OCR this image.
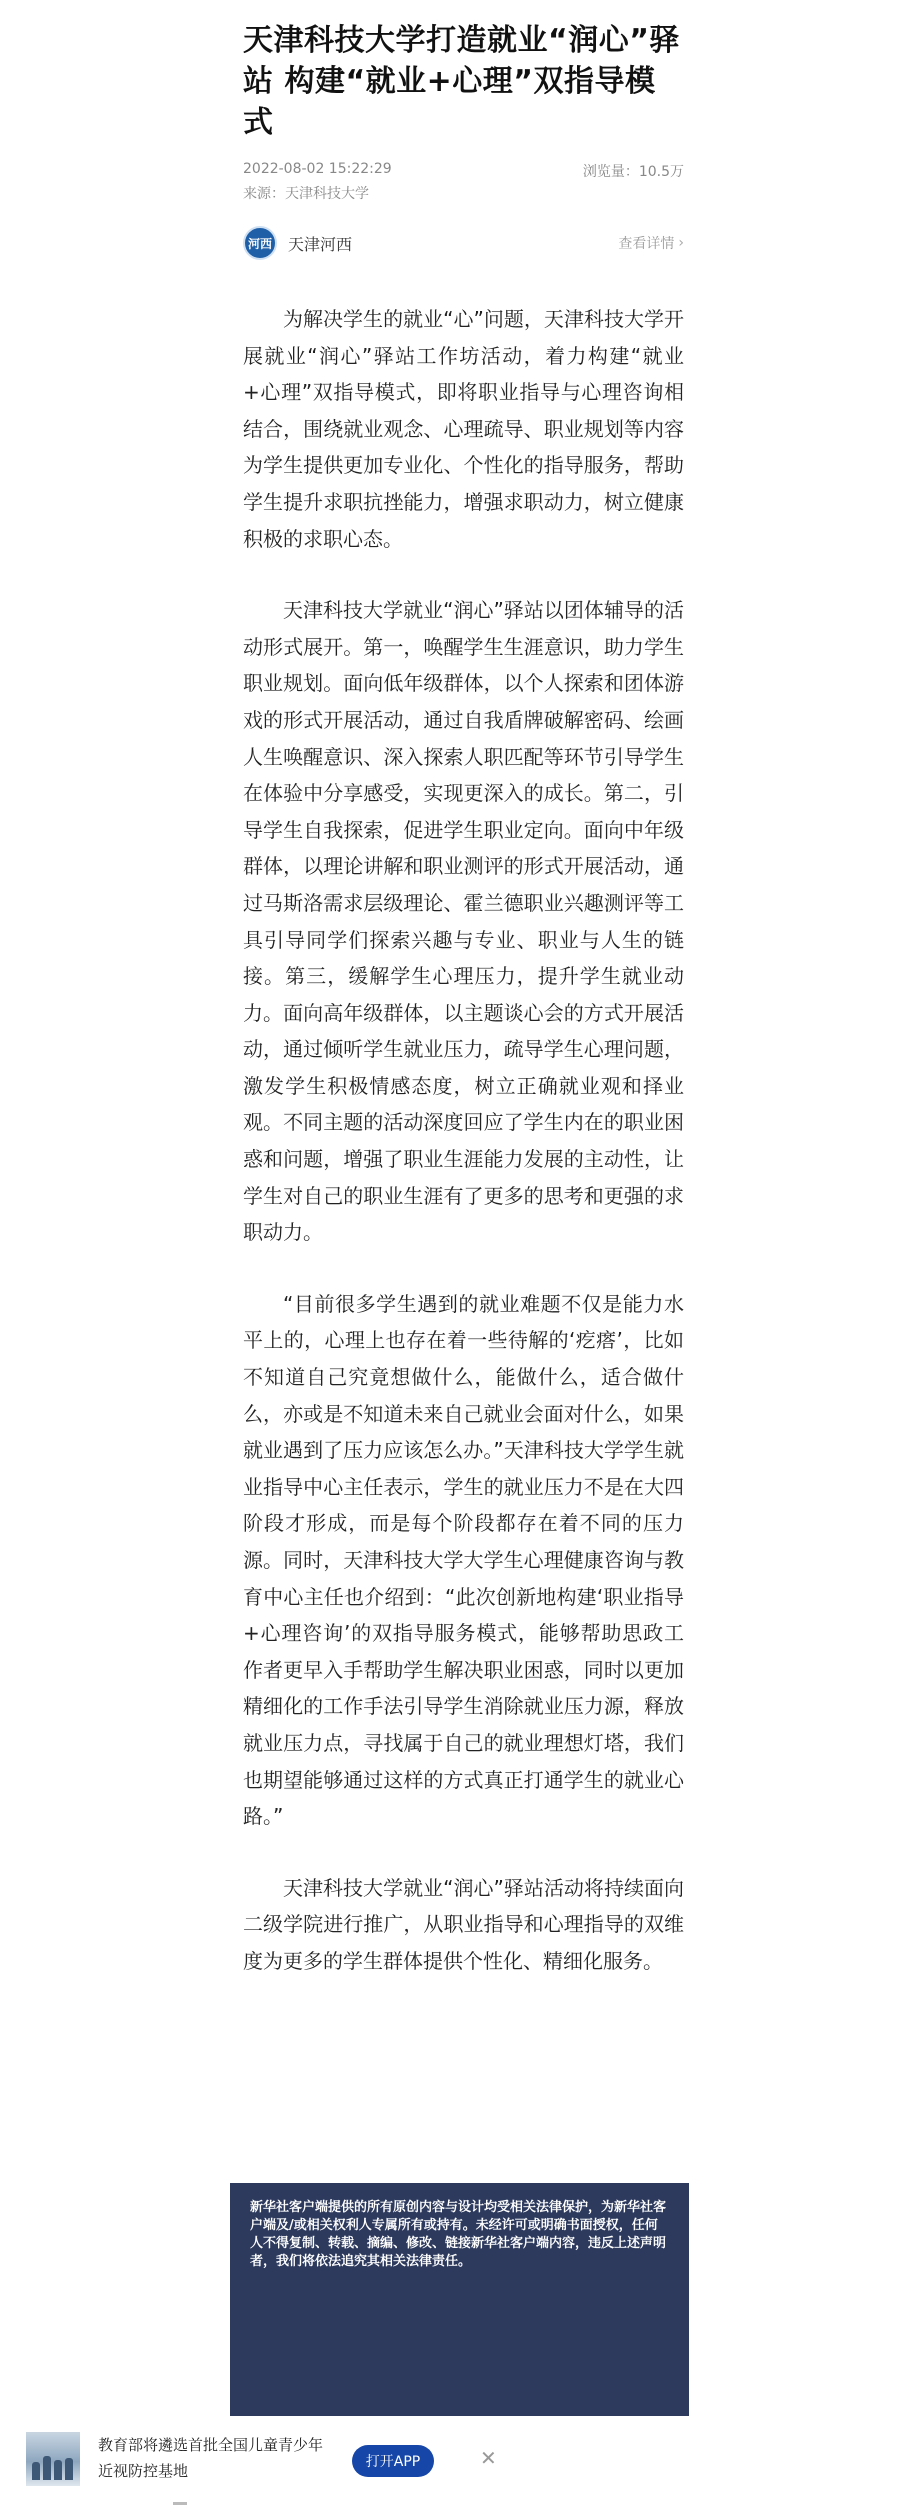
天津科技大学打造就业“润心”驿站 构建“就业+心理”双指导模式
2022-08-02 15:22:29	浏览量：10.5万
来源：天津科技大学
河西	天津河西	查看详情 ›

为解决学生的就业“心”问题，天津科技大学开展就业“润心”驿站工作坊活动，着力构建“就业+心理”双指导模式，即将职业指导与心理咨询相结合，围绕就业观念、心理疏导、职业规划等内容为学生提供更加专业化、个性化的指导服务，帮助学生提升求职抗挫能力，增强求职动力，树立健康积极的求职心态。

天津科技大学就业“润心”驿站以团体辅导的活动形式展开。第一，唤醒学生生涯意识，助力学生职业规划。面向低年级群体，以个人探索和团体游戏的形式开展活动，通过自我盾牌破解密码、绘画人生唤醒意识、深入探索人职匹配等环节引导学生在体验中分享感受，实现更深入的成长。第二，引导学生自我探索，促进学生职业定向。面向中年级群体，以理论讲解和职业测评的形式开展活动，通过马斯洛需求层级理论、霍兰德职业兴趣测评等工具引导同学们探索兴趣与专业、职业与人生的链接。第三，缓解学生心理压力，提升学生就业动力。面向高年级群体，以主题谈心会的方式开展活动，通过倾听学生就业压力，疏导学生心理问题，激发学生积极情感态度，树立正确就业观和择业观。不同主题的活动深度回应了学生内在的职业困惑和问题，增强了职业生涯能力发展的主动性，让学生对自己的职业生涯有了更多的思考和更强的求职动力。

“目前很多学生遇到的就业难题不仅是能力水平上的，心理上也存在着一些待解的‘疙瘩’，比如不知道自己究竟想做什么，能做什么，适合做什么，亦或是不知道未来自己就业会面对什么，如果就业遇到了压力应该怎么办。”天津科技大学学生就业指导中心主任表示，学生的就业压力不是在大四阶段才形成，而是每个阶段都存在着不同的压力源。同时，天津科技大学大学生心理健康咨询与教育中心主任也介绍到：“此次创新地构建‘职业指导+心理咨询’的双指导服务模式，能够帮助思政工作者更早入手帮助学生解决职业困惑，同时以更加精细化的工作手法引导学生消除就业压力源，释放就业压力点，寻找属于自己的就业理想灯塔，我们也期望能够通过这样的方式真正打通学生的就业心路。”

天津科技大学就业“润心”驿站活动将持续面向二级学院进行推广，从职业指导和心理指导的双维度为更多的学生群体提供个性化、精细化服务。

新华社客户端提供的所有原创内容与设计均受相关法律保护，为新华社客户端及/或相关权利人专属所有或持有。未经许可或明确书面授权，任何人不得复制、转载、摘编、修改、链接新华社客户端内容，违反上述声明者，我们将依法追究其相关法律责任。
教育部将遴选首批全国儿童青少年近视防控基地	打开APP	✕
